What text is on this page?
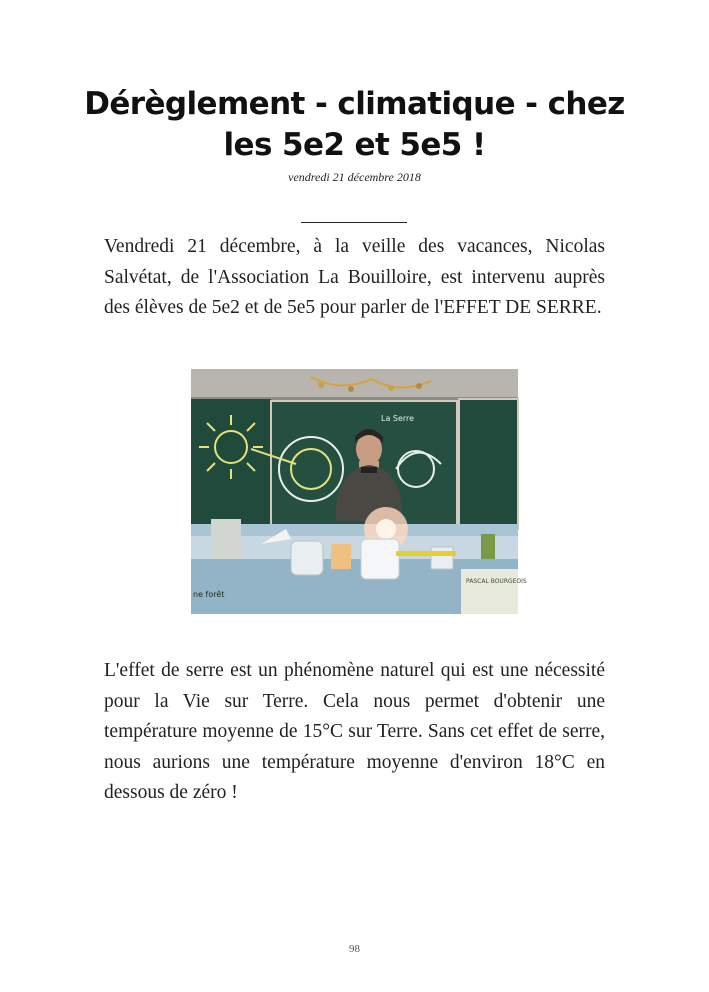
Dérèglement - climatique - chez les 5e2 et 5e5 !
vendredi 21 décembre 2018

Vendredi 21 décembre, à la veille des vacances, Nicolas Salvétat, de l'Association La Bouilloire, est intervenu auprès des élèves de 5e2 et de 5e5 pour parler de l'EFFET DE SERRE.

La Serre
PASCAL BOURGEOIS
ne forêt

L'effet de serre est un phénomène naturel qui est une nécessité pour la Vie sur Terre. Cela nous permet d'obtenir une température moyenne de 15°C sur Terre. Sans cet effet de serre, nous aurions une température moyenne d'environ 18°C en dessous de zéro !

98
